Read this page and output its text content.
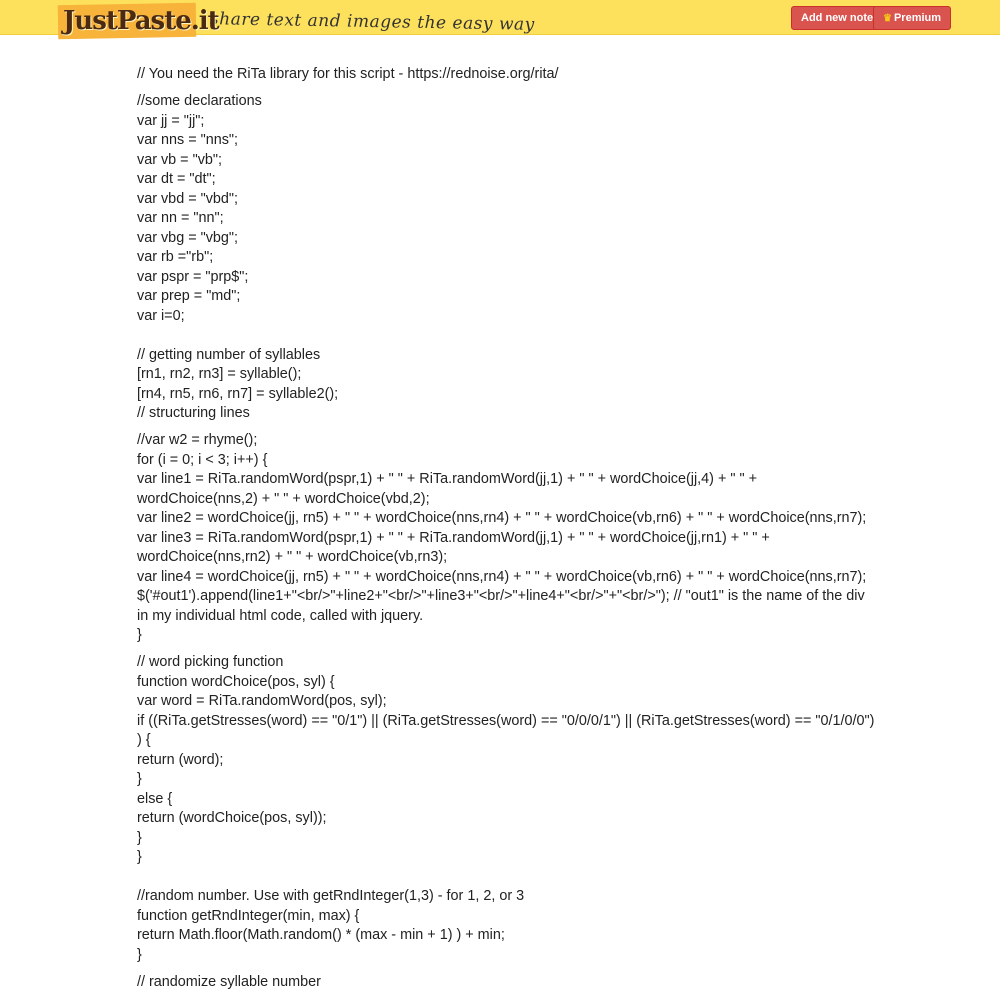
JustPaste.it
share text and images the easy way	Add new note ♛ Premium
// You need the RiTa library for this script - https://rednoise.org/rita/
//some declarations
var jj = "jj";
var nns = "nns";
var vb = "vb";
var dt = "dt";
var vbd = "vbd";
var nn = "nn";
var vbg = "vbg";
var rb ="rb";
var pspr = "prp$";
var prep = "md";
var i=0;
// getting number of syllables
[rn1, rn2, rn3] = syllable();
[rn4, rn5, rn6, rn7] = syllable2();
// structuring lines
//var w2 = rhyme();
for (i = 0; i < 3; i++) {
var line1 = RiTa.randomWord(pspr,1) + " " + RiTa.randomWord(jj,1) + " " + wordChoice(jj,4) + " " + wordChoice(nns,2) + " " + wordChoice(vbd,2);
var line2 = wordChoice(jj, rn5) + " " + wordChoice(nns,rn4) + " " + wordChoice(vb,rn6) + " " + wordChoice(nns,rn7);
var line3 = RiTa.randomWord(pspr,1) + " " + RiTa.randomWord(jj,1) + " " + wordChoice(jj,rn1) + " " + wordChoice(nns,rn2) + " " + wordChoice(vb,rn3);
var line4 = wordChoice(jj, rn5) + " " + wordChoice(nns,rn4) + " " + wordChoice(vb,rn6) + " " + wordChoice(nns,rn7);
$('#out1').append(line1+"<br/>"+line2+"<br/>"+line3+"<br/>"+line4+"<br/>"+"<br/>"); // "out1" is the name of the div in my individual html code, called with jquery.
}
// word picking function
function wordChoice(pos, syl) {
var word = RiTa.randomWord(pos, syl);
if ((RiTa.getStresses(word) == "0/1") || (RiTa.getStresses(word) == "0/0/0/1") || (RiTa.getStresses(word) == "0/1/0/0") ) {
return (word);
}
else {
return (wordChoice(pos, syl));
}
}
//random number. Use with getRndInteger(1,3) - for 1, 2, or 3
function getRndInteger(min, max) {
return Math.floor(Math.random() * (max - min + 1) ) + min;
}
// randomize syllable number
